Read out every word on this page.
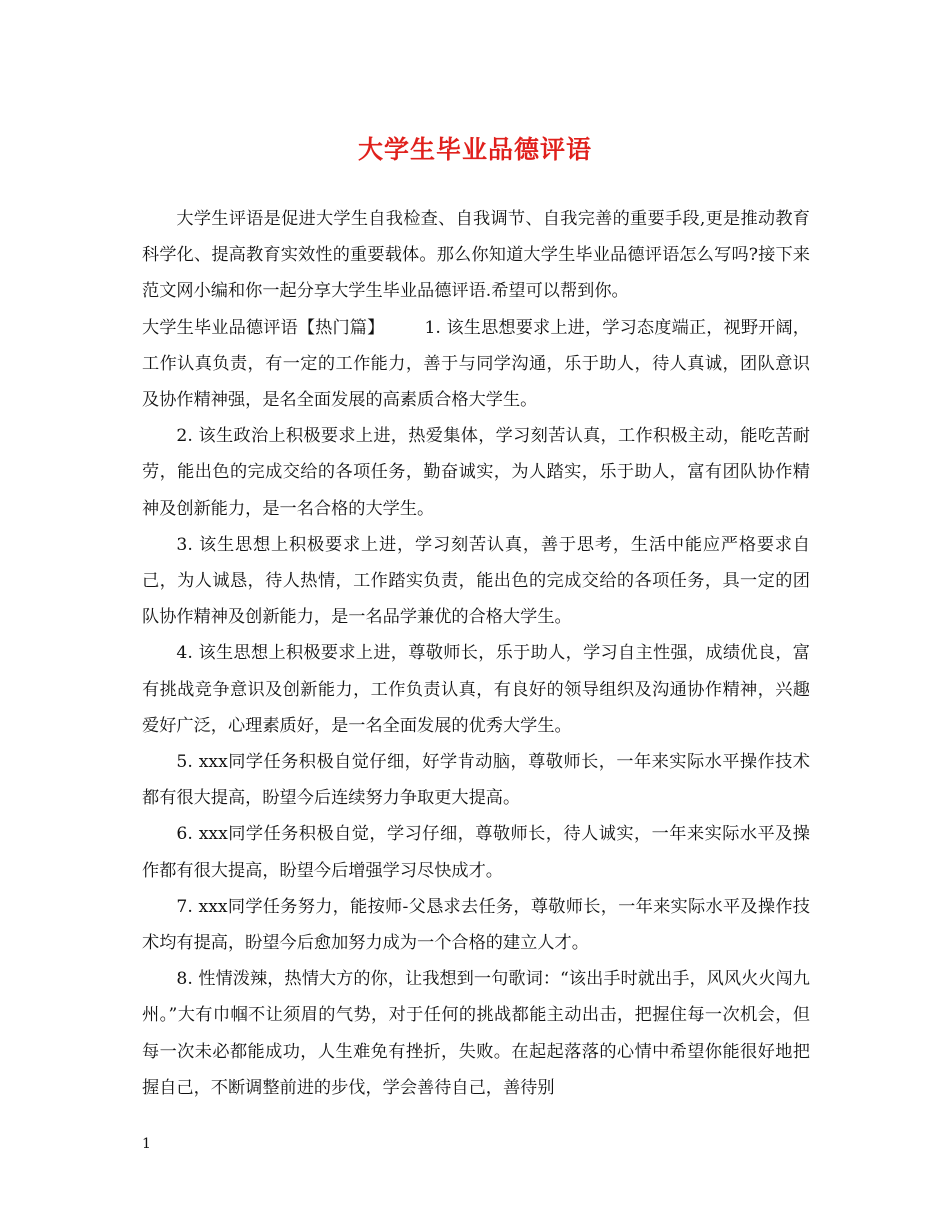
大学生毕业品德评语

大学生评语是促进大学生自我检查、自我调节、自我完善的重要手段,更是推动教育科学化、提高教育实效性的重要载体。那么你知道大学生毕业品德评语怎么写吗?接下来范文网小编和你一起分享大学生毕业品德评语.希望可以帮到你。

大学生毕业品德评语【热门篇】 1. 该生思想要求上进，学习态度端正，视野开阔，工作认真负责，有一定的工作能力，善于与同学沟通，乐于助人，待人真诚，团队意识及协作精神强，是名全面发展的高素质合格大学生。

2. 该生政治上积极要求上进，热爱集体，学习刻苦认真，工作积极主动，能吃苦耐劳，能出色的完成交给的各项任务，勤奋诚实，为人踏实，乐于助人，富有团队协作精神及创新能力，是一名合格的大学生。

3. 该生思想上积极要求上进，学习刻苦认真，善于思考，生活中能应严格要求自己，为人诚恳，待人热情，工作踏实负责，能出色的完成交给的各项任务，具一定的团队协作精神及创新能力，是一名品学兼优的合格大学生。

4. 该生思想上积极要求上进，尊敬师长，乐于助人，学习自主性强，成绩优良，富有挑战竞争意识及创新能力，工作负责认真，有良好的领导组织及沟通协作精神，兴趣爱好广泛，心理素质好，是一名全面发展的优秀大学生。

5. xxx同学任务积极自觉仔细，好学肯动脑，尊敬师长，一年来实际水平操作技术都有很大提高，盼望今后连续努力争取更大提高。

6. xxx同学任务积极自觉，学习仔细，尊敬师长，待人诚实，一年来实际水平及操作都有很大提高，盼望今后增强学习尽快成才。

7. xxx同学任务努力，能按师-父恳求去任务，尊敬师长，一年来实际水平及操作技术均有提高，盼望今后愈加努力成为一个合格的建立人才。

8. 性情泼辣，热情大方的你，让我想到一句歌词：“该出手时就出手，风风火火闯九州。”大有巾帼不让须眉的气势，对于任何的挑战都能主动出击，把握住每一次机会，但每一次未必都能成功，人生难免有挫折，失败。在起起落落的心情中希望你能很好地把握自己，不断调整前进的步伐，学会善待自己，善待别

1
